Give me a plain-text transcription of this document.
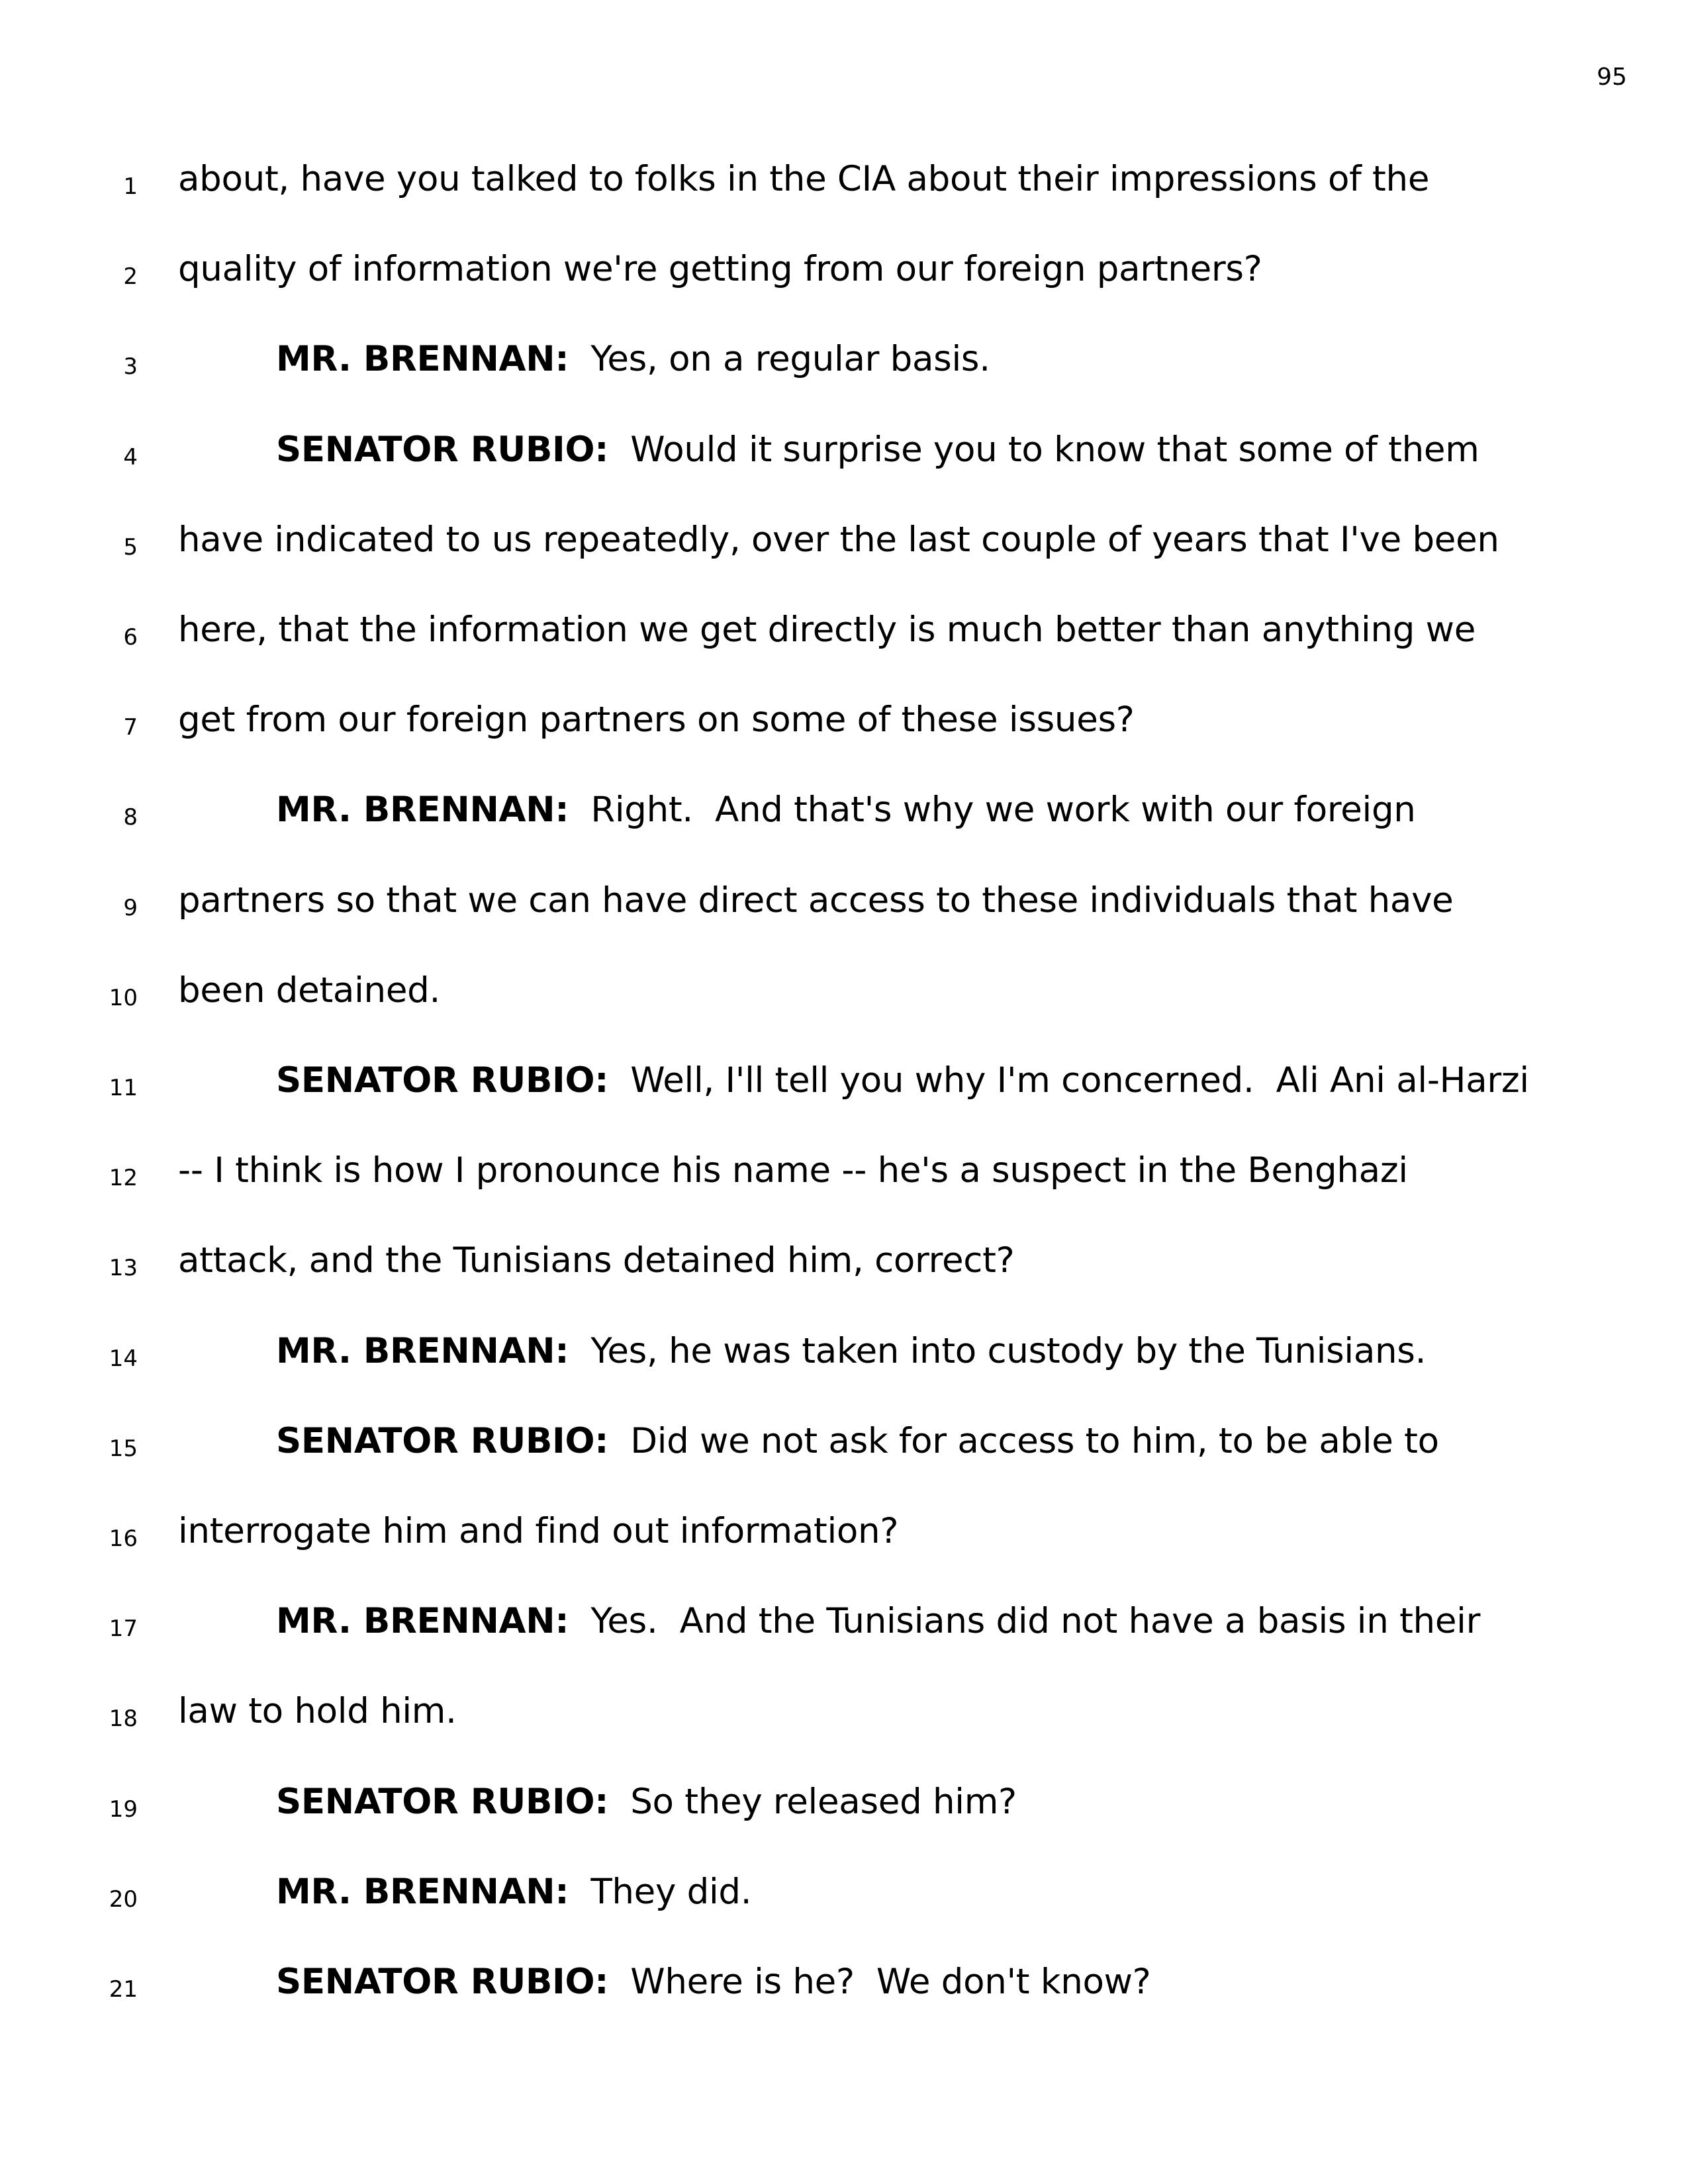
95
1 about, have you talked to folks in the CIA about their impressions of the
2 quality of information we're getting from our foreign partners?
3	MR. BRENNAN:  Yes, on a regular basis.
4	SENATOR RUBIO:  Would it surprise you to know that some of them
5 have indicated to us repeatedly, over the last couple of years that I've been
6 here, that the information we get directly is much better than anything we
7 get from our foreign partners on some of these issues?
8	MR. BRENNAN:  Right.  And that's why we work with our foreign
9 partners so that we can have direct access to these individuals that have
10 been detained.
11	SENATOR RUBIO:  Well, I'll tell you why I'm concerned.  Ali Ani al-Harzi
12 -- I think is how I pronounce his name -- he's a suspect in the Benghazi
13 attack, and the Tunisians detained him, correct?
14	MR. BRENNAN:  Yes, he was taken into custody by the Tunisians.
15	SENATOR RUBIO:  Did we not ask for access to him, to be able to
16 interrogate him and find out information?
17	MR. BRENNAN:  Yes.  And the Tunisians did not have a basis in their
18 law to hold him.
19	SENATOR RUBIO:  So they released him?
20	MR. BRENNAN:  They did.
21	SENATOR RUBIO:  Where is he?  We don't know?
